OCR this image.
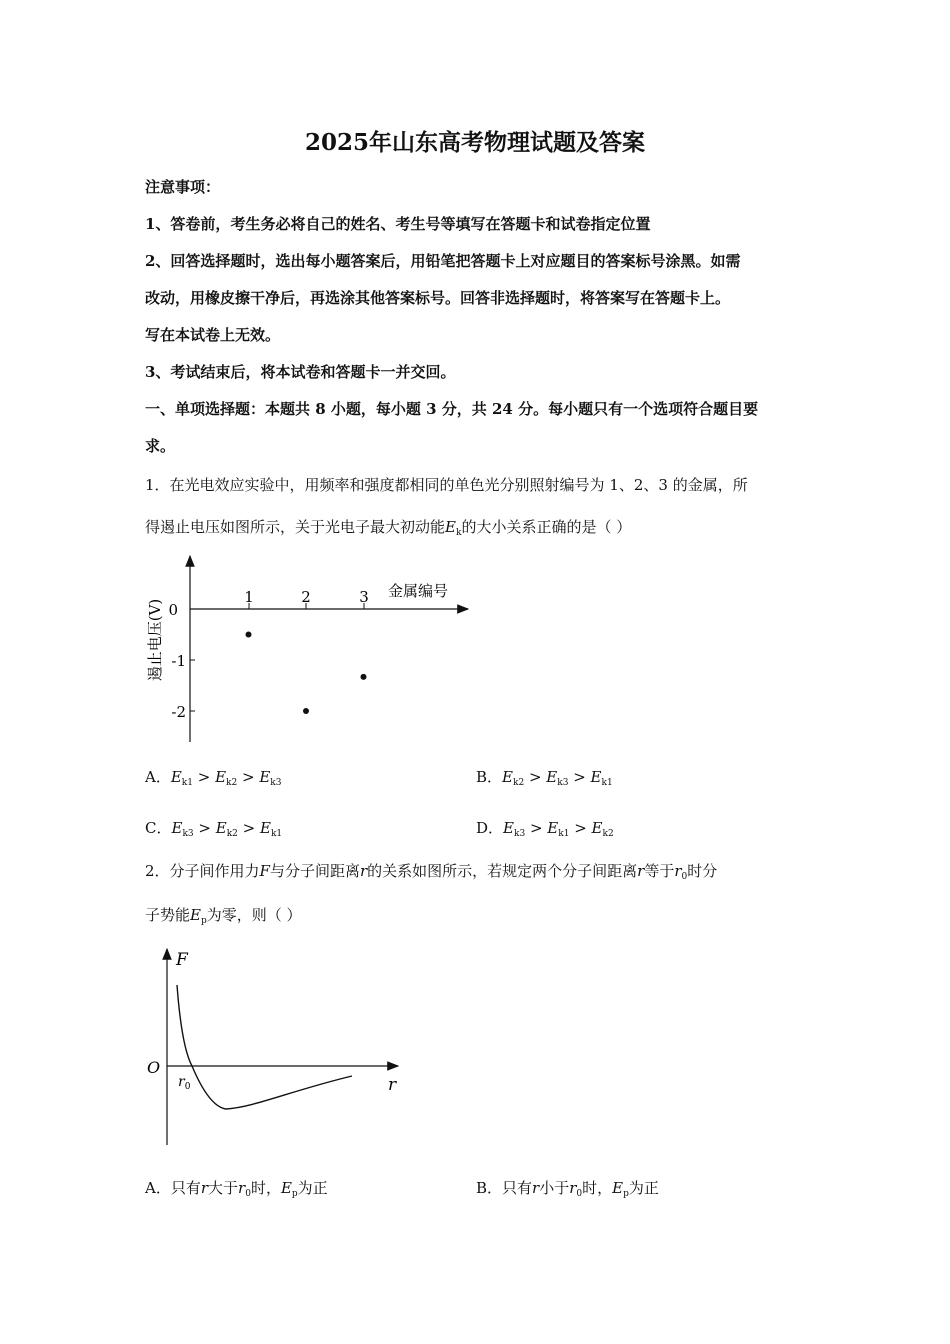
2025年山东高考物理试题及答案
注意事项：
1、答卷前，考生务必将自己的姓名、考生号等填写在答题卡和试卷指定位置
2、回答选择题时，选出每小题答案后，用铅笔把答题卡上对应题目的答案标号涂黑。如需
改动，用橡皮擦干净后，再选涂其他答案标号。回答非选择题时，将答案写在答题卡上。
写在本试卷上无效。
3、考试结束后，将本试卷和答题卡一并交回。
一、单项选择题：本题共 8 小题，每小题 3 分，共 24 分。每小题只有一个选项符合题目要
求。
1．在光电效应实验中，用频率和强度都相同的单色光分别照射编号为 1、2、3 的金属，所
得遏止电压如图所示，关于光电子最大初动能$E_k$的大小关系正确的是（ ）
1	2	3
0
-1
-2
金属编号
遏止电压(V)
A．$E_{k1} > E_{k2} > E_{k3}$	B．$E_{k2} > E_{k3} > E_{k1}$
C．$E_{k3} > E_{k2} > E_{k1}$	D．$E_{k3} > E_{k1} > E_{k2}$
2．分子间作用力F与分子间距离r的关系如图所示，若规定两个分子间距离r等于$r_0$时分
子势能$E_p$为零，则（ ）
F
r
O
$r_0$
A．只有r大于$r_0$时，$E_p$为正	B．只有r小于$r_0$时，$E_p$为正
